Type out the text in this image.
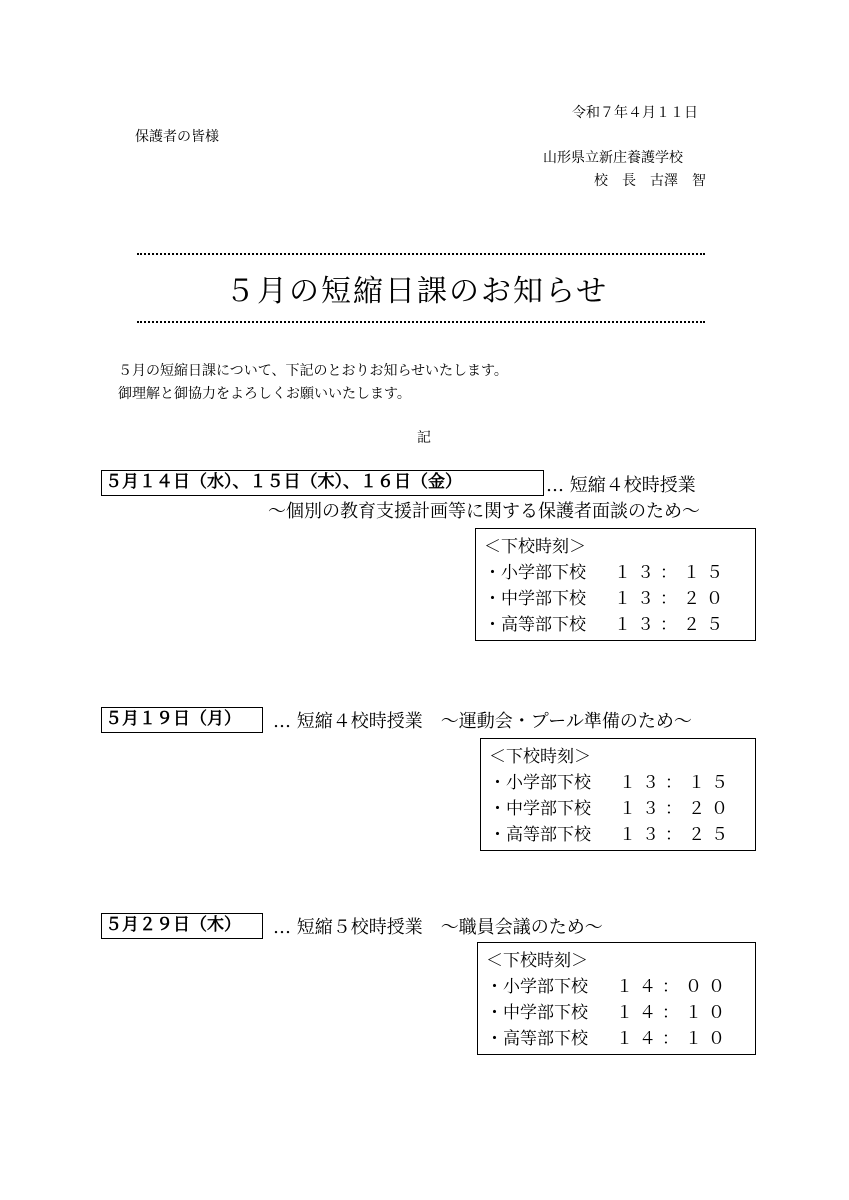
令和７年４月１１日
保護者の皆様
山形県立新庄養護学校
校　長　古澤　智
５月の短縮日課のお知らせ
５月の短縮日課について、下記のとおりお知らせいたします。
御理解と御協力をよろしくお願いいたします。
記
５月１４日（水）、１５日（木）、１６日（金）	… 短縮４校時授業
～個別の教育支援計画等に関する保護者面談のため～
＜下校時刻＞
・小学部下校 １３：１５
・中学部下校 １３：２０
・高等部下校 １３：２５
５月１９日（月）	… 短縮４校時授業　～運動会・プール準備のため～
＜下校時刻＞
・小学部下校 １３：１５
・中学部下校 １３：２０
・高等部下校 １３：２５
５月２９日（木）	… 短縮５校時授業　～職員会議のため～
＜下校時刻＞
・小学部下校 １４：００
・中学部下校 １４：１０
・高等部下校 １４：１０
